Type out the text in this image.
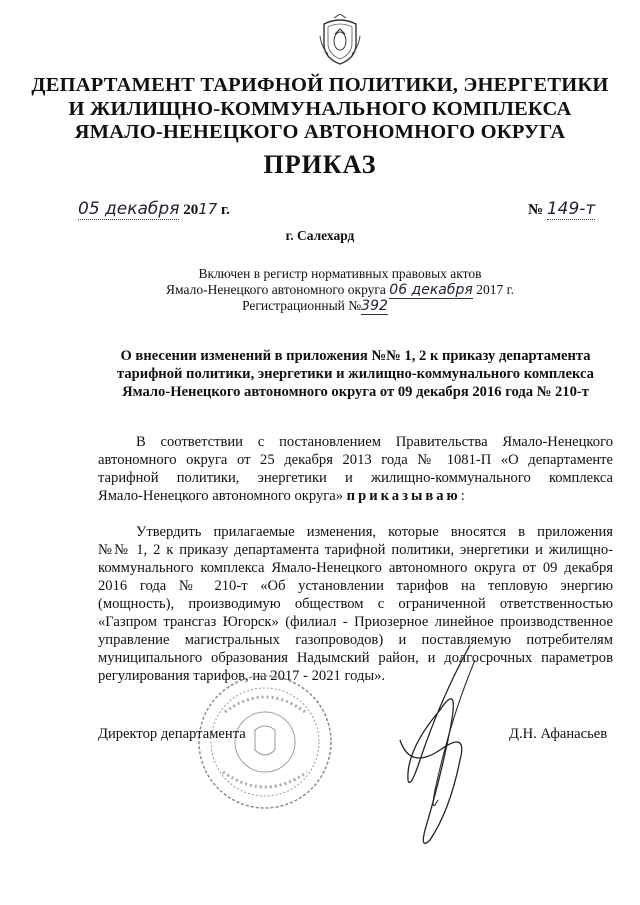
ДЕПАРТАМЕНТ ТАРИФНОЙ ПОЛИТИКИ, ЭНЕРГЕТИКИ
И ЖИЛИЩНО-КОММУНАЛЬНОГО КОМПЛЕКСА
ЯМАЛО-НЕНЕЦКОГО АВТОНОМНОГО ОКРУГА
ПРИКАЗ
05 декабря 2017 г.	№ 149-т
г. Салехард
Включен в регистр нормативных правовых актов
Ямало-Ненецкого автономного округа 06 декабря 2017 г.
Регистрационный №392
О внесении изменений в приложения №№ 1, 2 к приказу департамента
тарифной политики, энергетики и жилищно-коммунального комплекса
Ямало-Ненецкого автономного округа от 09 декабря 2016 года № 210-т
В соответствии с постановлением Правительства Ямало-Ненецкого
автономного округа от 25 декабря 2013 года № 1081-П «О департаменте
тарифной политики, энергетики и жилищно-коммунального комплекса
Ямало-Ненецкого автономного округа» приказываю:
Утвердить прилагаемые изменения, которые вносятся в приложения
№№ 1, 2 к приказу департамента тарифной политики, энергетики и жилищно-
коммунального комплекса Ямало-Ненецкого автономного округа от 09 декабря
2016 года № 210-т «Об установлении тарифов на тепловую энергию
(мощность), производимую обществом с ограниченной ответственностью
«Газпром трансгаз Югорск» (филиал - Приозерное линейное производственное
управление магистральных газопроводов) и поставляемую потребителям
муниципального образования Надымский район, и долгосрочных параметров
регулирования тарифов, на 2017 - 2021 годы».
Директор департамента	Д.Н. Афанасьев
